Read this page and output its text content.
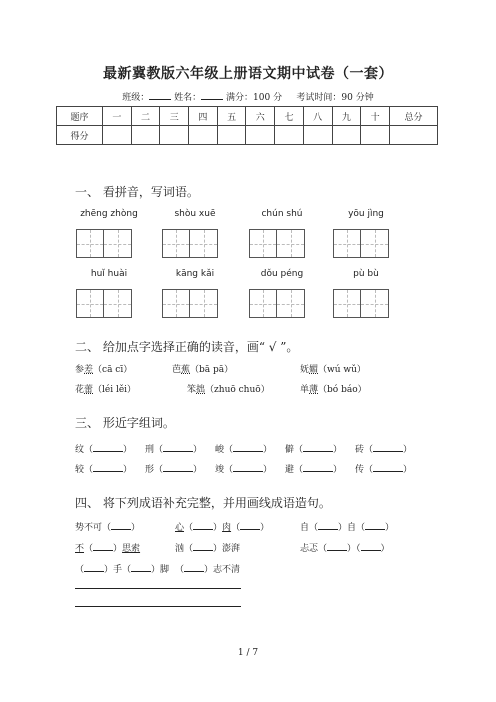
最新冀教版六年级上册语文期中试卷（一套）
班级：	姓名：	满分：100 分 考试时间：90 分钟
题序	一	二	三	四	五	六	七	八	九	十	总分
得分											
一、 看拼音，写词语。
zhēng zhòng	shòu xuē	chún shú	yōu jìng
huǐ huài	kāng kǎi	dǒu péng	pù bù
二、 给加点字选择正确的读音，画“ √ ”。
参差（cā cī）	芭蕉（bā pā）	妩媚（wú wǔ）
花蕾（léi lěi）	笨拙（zhuō chuō）	单薄（bó báo）
三、 形近字组词。
纹（	） 刑（	） 峻（	） 僻（	） 砖（	）
较（	） 形（	） 竣（	） 避（	） 传（	）
四、 将下列成语补充完整，并用画线成语造句。
势不可（ ）	心（ ）肉（ ）	自（ ）自（ ）
不（ ）思索	汹（ ）澎湃	忐忑（ ）（ ）
（ ）手（ ）脚 （ ）志不清
1 / 7
